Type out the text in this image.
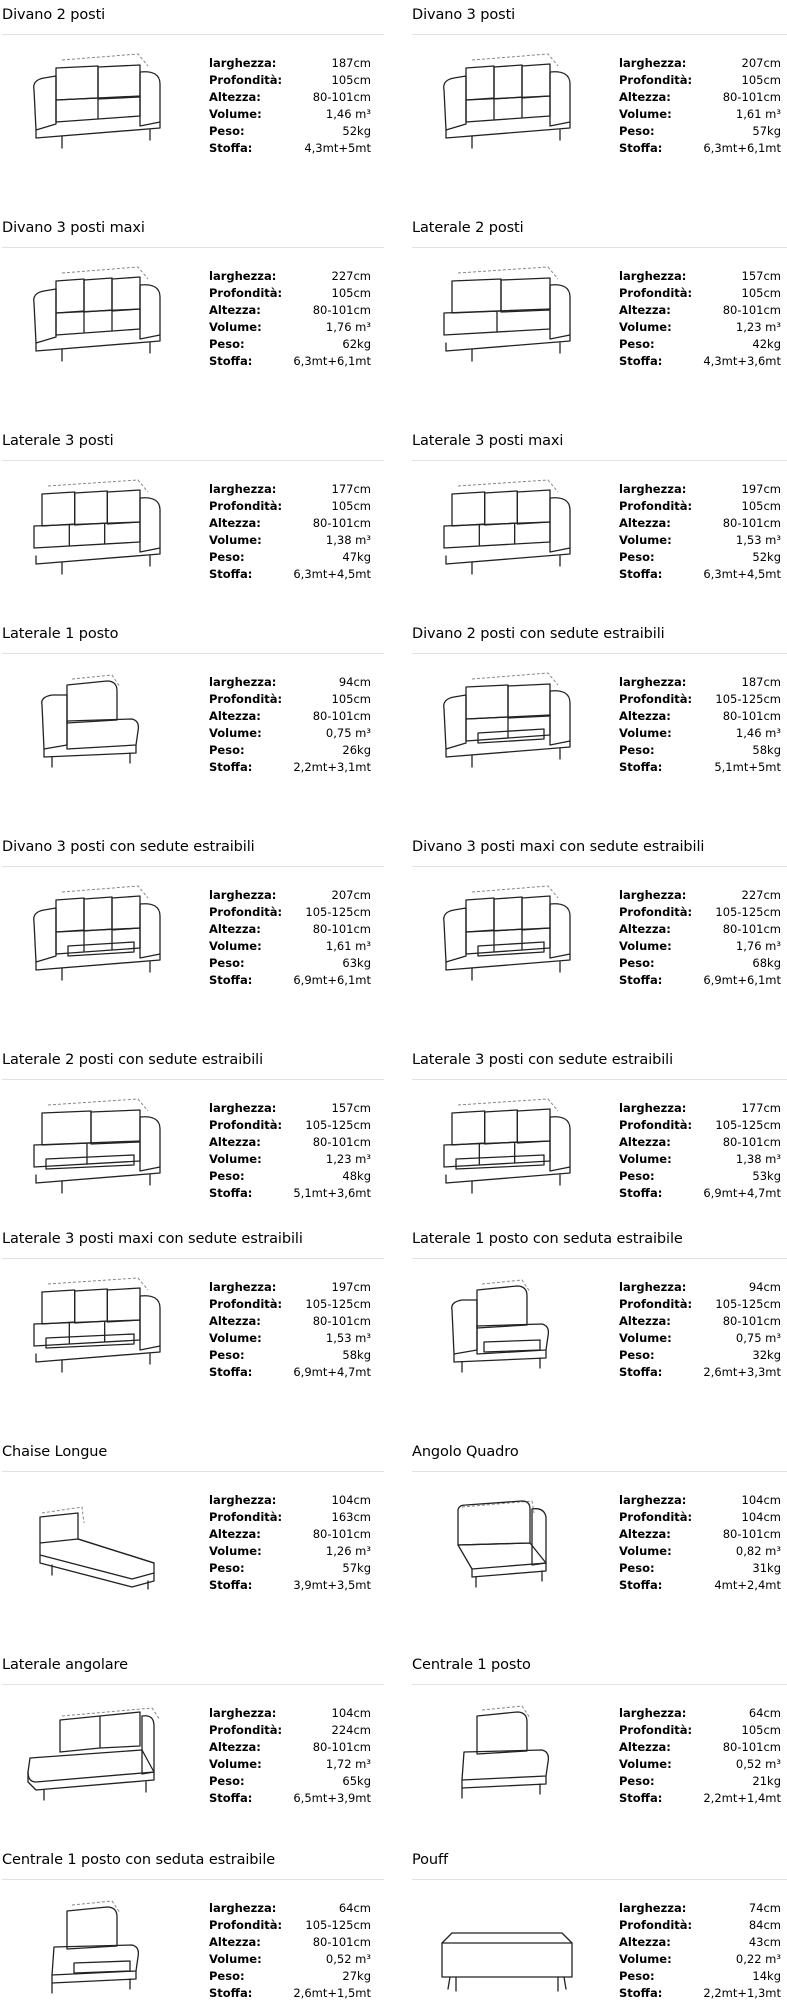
Divano 2 posti
larghezza:	187cm
Profondità:	105cm
Altezza:	80-101cm
Volume:	1,46 m³
Peso:	52kg
Stoffa:	4,3mt+5mt
Divano 3 posti
larghezza:	207cm
Profondità:	105cm
Altezza:	80-101cm
Volume:	1,61 m³
Peso:	57kg
Stoffa:	6,3mt+6,1mt
Divano 3 posti maxi
larghezza:	227cm
Profondità:	105cm
Altezza:	80-101cm
Volume:	1,76 m³
Peso:	62kg
Stoffa:	6,3mt+6,1mt
Laterale 2 posti
larghezza:	157cm
Profondità:	105cm
Altezza:	80-101cm
Volume:	1,23 m³
Peso:	42kg
Stoffa:	4,3mt+3,6mt
Laterale 3 posti
larghezza:	177cm
Profondità:	105cm
Altezza:	80-101cm
Volume:	1,38 m³
Peso:	47kg
Stoffa:	6,3mt+4,5mt
Laterale 3 posti maxi
larghezza:	197cm
Profondità:	105cm
Altezza:	80-101cm
Volume:	1,53 m³
Peso:	52kg
Stoffa:	6,3mt+4,5mt
Laterale 1 posto
larghezza:	94cm
Profondità:	105cm
Altezza:	80-101cm
Volume:	0,75 m³
Peso:	26kg
Stoffa:	2,2mt+3,1mt
Divano 2 posti con sedute estraibili
larghezza:	187cm
Profondità: 105-125cm
Altezza:	80-101cm
Volume:	1,46 m³
Peso:	58kg
Stoffa:	5,1mt+5mt
Divano 3 posti con sedute estraibili
larghezza:	207cm
Profondità: 105-125cm
Altezza:	80-101cm
Volume:	1,61 m³
Peso:	63kg
Stoffa:	6,9mt+6,1mt
Divano 3 posti maxi con sedute estraibili
larghezza:	227cm
Profondità: 105-125cm
Altezza:	80-101cm
Volume:	1,76 m³
Peso:	68kg
Stoffa:	6,9mt+6,1mt
Laterale 2 posti con sedute estraibili
larghezza:	157cm
Profondità: 105-125cm
Altezza:	80-101cm
Volume:	1,23 m³
Peso:	48kg
Stoffa:	5,1mt+3,6mt
Laterale 3 posti con sedute estraibili
larghezza:	177cm
Profondità: 105-125cm
Altezza:	80-101cm
Volume:	1,38 m³
Peso:	53kg
Stoffa:	6,9mt+4,7mt
Laterale 3 posti maxi con sedute estraibili
larghezza:	197cm
Profondità: 105-125cm
Altezza:	80-101cm
Volume:	1,53 m³
Peso:	58kg
Stoffa:	6,9mt+4,7mt
Laterale 1 posto con seduta estraibile
larghezza:	94cm
Profondità: 105-125cm
Altezza:	80-101cm
Volume:	0,75 m³
Peso:	32kg
Stoffa:	2,6mt+3,3mt
Chaise Longue
larghezza:	104cm
Profondità:	163cm
Altezza:	80-101cm
Volume:	1,26 m³
Peso:	57kg
Stoffa:	3,9mt+3,5mt
Angolo Quadro
larghezza:	104cm
Profondità:	104cm
Altezza:	80-101cm
Volume:	0,82 m³
Peso:	31kg
Stoffa:	4mt+2,4mt
Laterale angolare
larghezza:	104cm
Profondità:	224cm
Altezza:	80-101cm
Volume:	1,72 m³
Peso:	65kg
Stoffa:	6,5mt+3,9mt
Centrale 1 posto
larghezza:	64cm
Profondità:	105cm
Altezza:	80-101cm
Volume:	0,52 m³
Peso:	21kg
Stoffa:	2,2mt+1,4mt
Centrale 1 posto con seduta estraibile
larghezza:	64cm
Profondità: 105-125cm
Altezza:	80-101cm
Volume:	0,52 m³
Peso:	27kg
Stoffa:	2,6mt+1,5mt
Pouff
larghezza:	74cm
Profondità:	84cm
Altezza:	43cm
Volume:	0,22 m³
Peso:	14kg
Stoffa:	2,2mt+1,3mt
